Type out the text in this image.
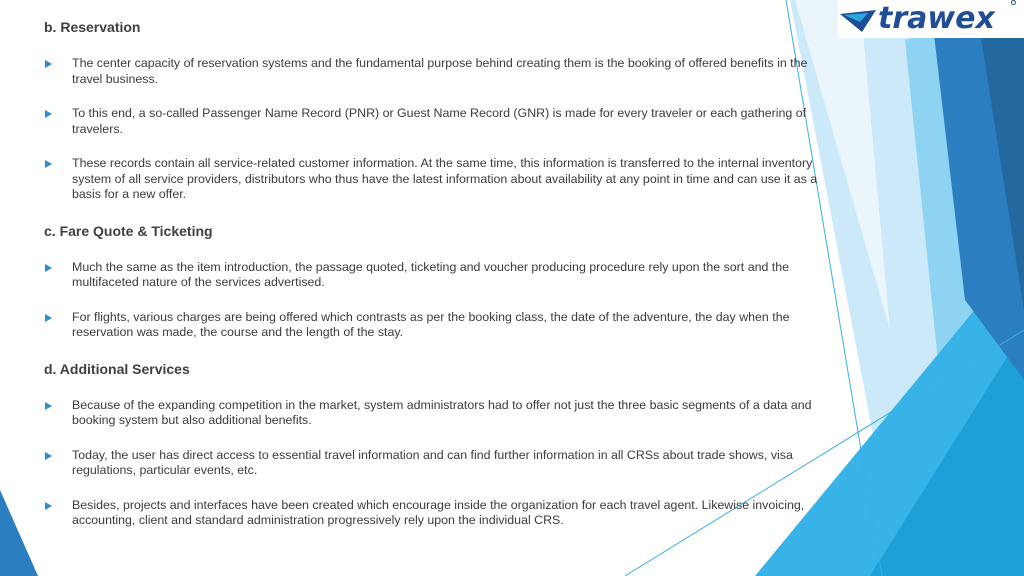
trawex
b. Reservation
The center capacity of reservation systems and the fundamental purpose behind creating them is the booking of offered benefits in the travel business.
To this end, a so-called Passenger Name Record (PNR) or Guest Name Record (GNR) is made for every traveler or each gathering of travelers.
These records contain all service-related customer information. At the same time, this information is transferred to the internal inventory system of all service providers, distributors who thus have the latest information about availability at any point in time and can use it as a basis for a new offer.
c. Fare Quote & Ticketing
Much the same as the item introduction, the passage quoted, ticketing and voucher producing procedure rely upon the sort and the multifaceted nature of the services advertised.
For flights, various charges are being offered which contrasts as per the booking class, the date of the adventure, the day when the reservation was made, the course and the length of the stay.
d. Additional Services
Because of the expanding competition in the market, system administrators had to offer not just the three basic segments of a data and booking system but also additional benefits.
Today, the user has direct access to essential travel information and can find further information in all CRSs about trade shows, visa regulations, particular events, etc.
Besides, projects and interfaces have been created which encourage inside the organization for each travel agent. Likewise invoicing, accounting, client and standard administration progressively rely upon the individual CRS.
